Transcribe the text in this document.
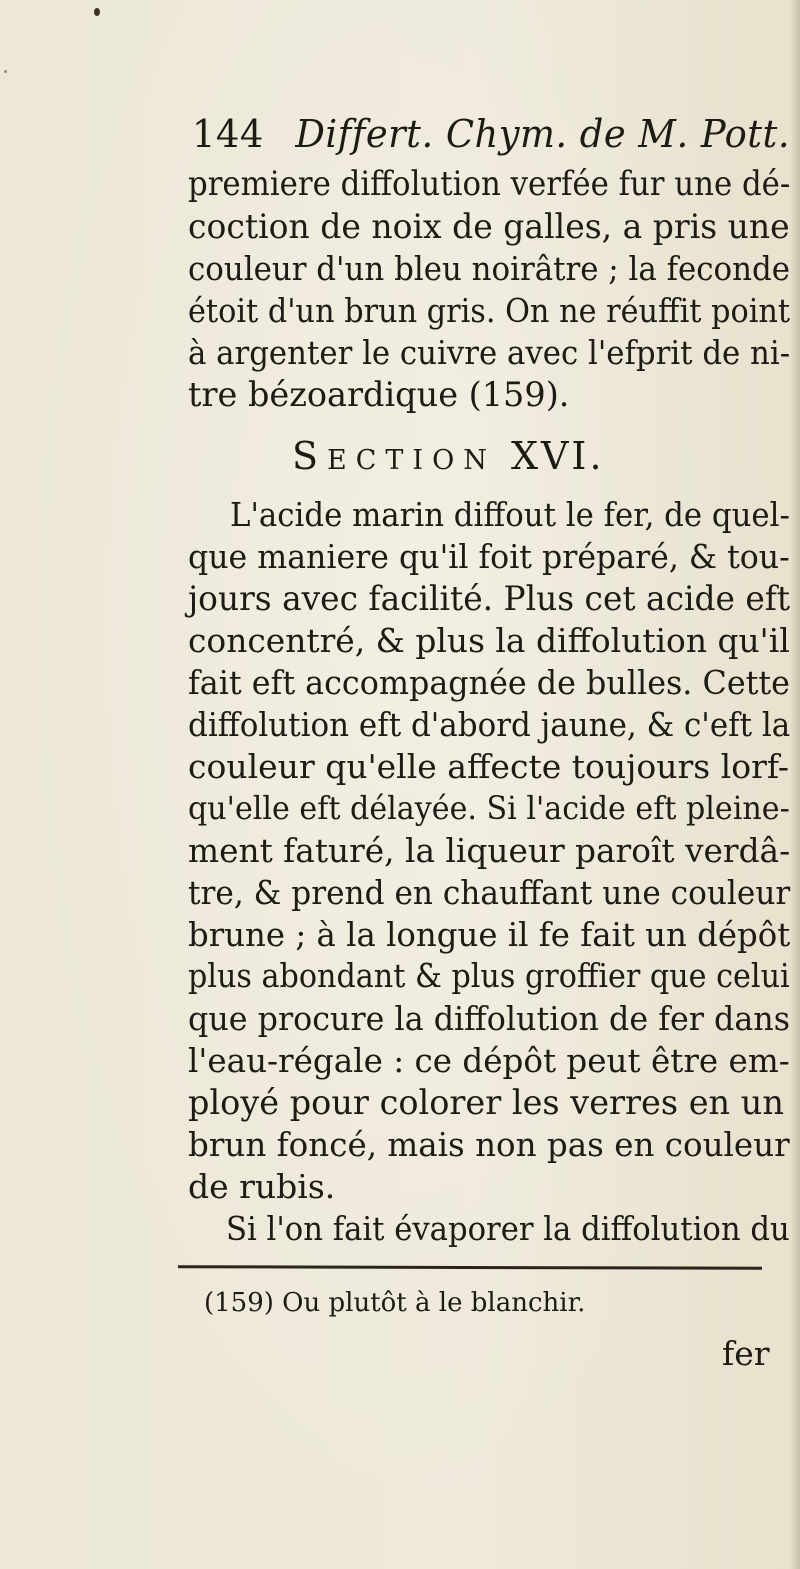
144 Differt. Chym. de M. Pott.
premiere diffolution verfée fur une dé-
coction de noix de galles, a pris une
couleur d'un bleu noirâtre ; la feconde
étoit d'un brun gris. On ne réuffit point
à argenter le cuivre avec l'efprit de ni-
tre bézoardique (159).
Section XVI.
L'acide marin diffout le fer, de quel-
que maniere qu'il foit préparé, & tou-
jours avec facilité. Plus cet acide eft
concentré, & plus la diffolution qu'il
fait eft accompagnée de bulles. Cette
diffolution eft d'abord jaune, & c'eft la
couleur qu'elle affecte toujours lorf-
qu'elle eft délayée. Si l'acide eft pleine-
ment faturé, la liqueur paroît verdâ-
tre, & prend en chauffant une couleur
brune ; à la longue il fe fait un dépôt
plus abondant & plus groffier que celui
que procure la diffolution de fer dans
l'eau-régale : ce dépôt peut être em-
ployé pour colorer les verres en un
brun foncé, mais non pas en couleur
de rubis.
Si l'on fait évaporer la diffolution du
(159) Ou plutôt à le blanchir.
fer
